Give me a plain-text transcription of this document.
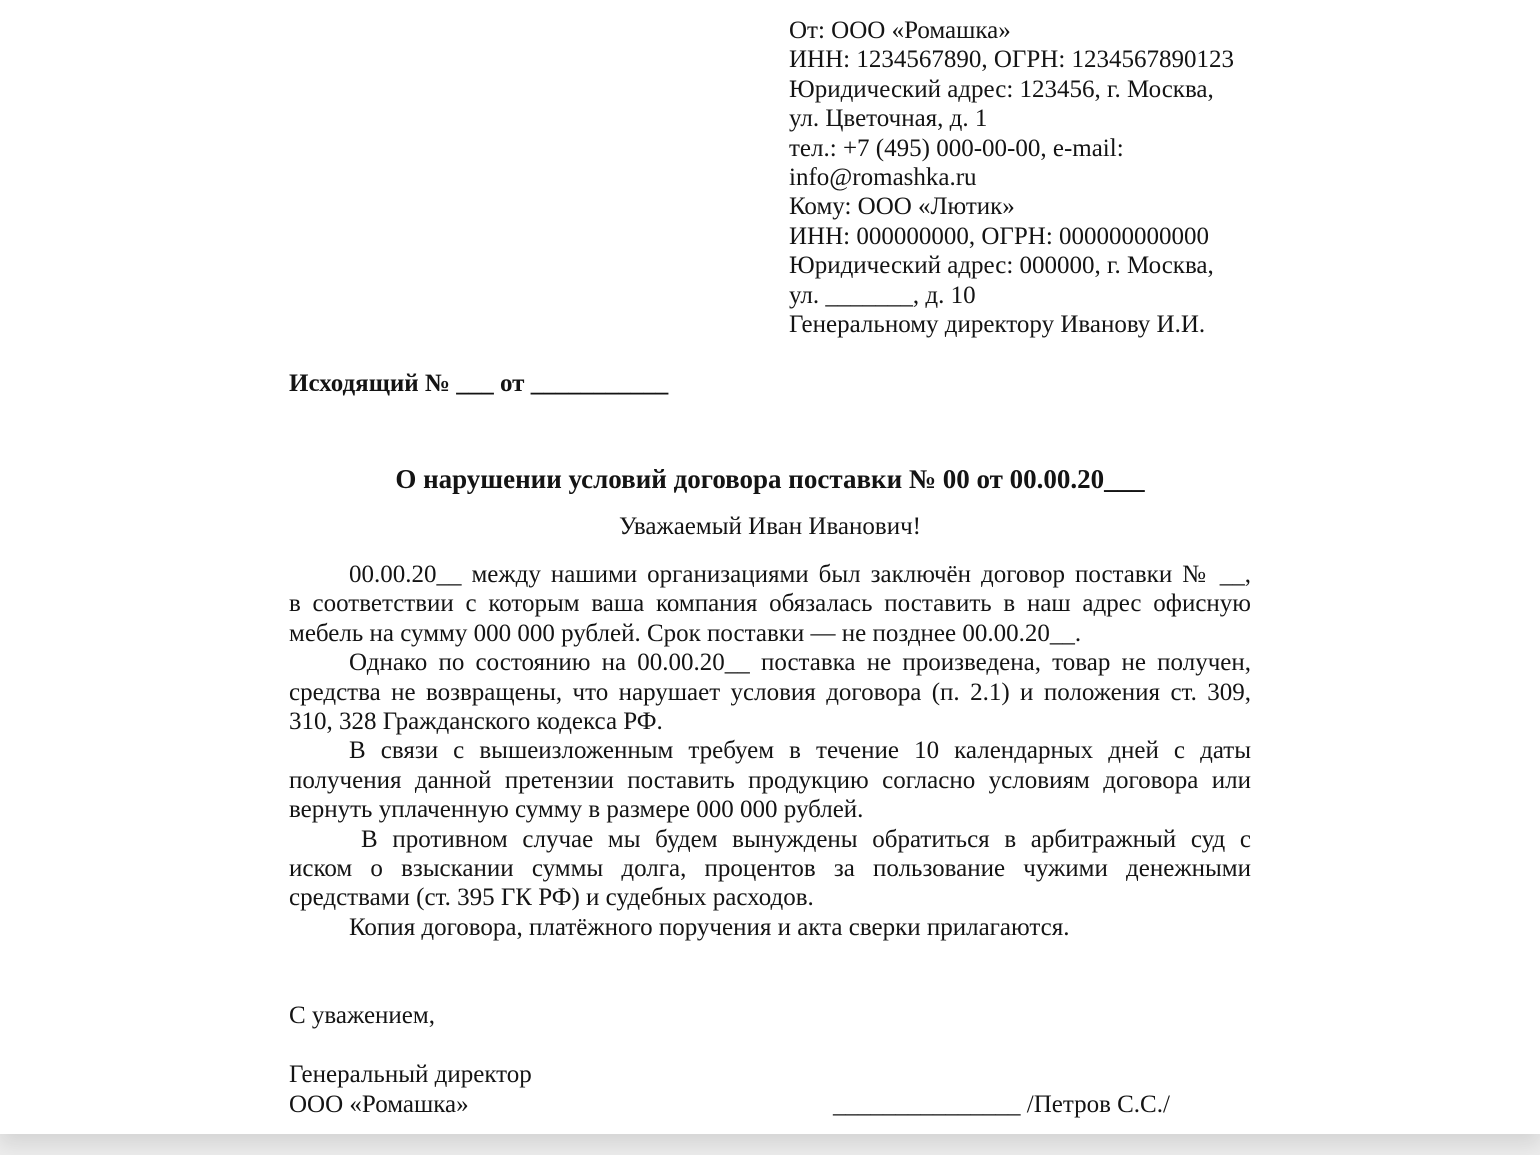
От: ООО «Ромашка»
ИНН: 1234567890, ОГРН: 1234567890123
Юридический адрес: 123456, г. Москва,
ул. Цветочная, д. 1
тел.: +7 (495) 000-00-00, e-mail:
info@romashka.ru
Кому: ООО «Лютик»
ИНН: 000000000, ОГРН: 000000000000
Юридический адрес: 000000, г. Москва,
ул. _______, д. 10
Генеральному директору Иванову И.И.
Исходящий № ___ от ___________
О нарушении условий договора поставки № 00 от 00.00.20___
Уважаемый Иван Иванович!
00.00.20__ между нашими организациями был заключён договор поставки № __,
в соответствии с которым ваша компания обязалась поставить в наш адрес офисную
мебель на сумму 000 000 рублей. Срок поставки — не позднее 00.00.20__.
Однако по состоянию на 00.00.20__ поставка не произведена, товар не получен,
средства не возвращены, что нарушает условия договора (п. 2.1) и положения ст. 309,
310, 328 Гражданского кодекса РФ.
В связи с вышеизложенным требуем в течение 10 календарных дней с даты
получения данной претензии поставить продукцию согласно условиям договора или
вернуть уплаченную сумму в размере 000 000 рублей.
В противном случае мы будем вынуждены обратиться в арбитражный суд с
иском о взыскании суммы долга, процентов за пользование чужими денежными
средствами (ст. 395 ГК РФ) и судебных расходов.
Копия договора, платёжного поручения и акта сверки прилагаются.
С уважением,
Генеральный директор
ООО «Ромашка»	_______________ /Петров С.С./
